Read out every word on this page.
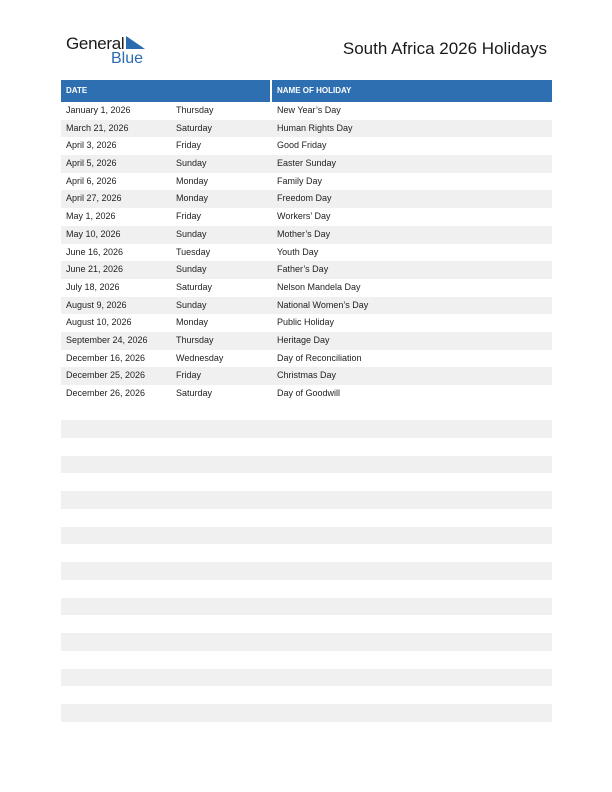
General
Blue
South Africa 2026 Holidays
DATE	NAME OF HOLIDAY
January 1, 2026	Thursday	New Year’s Day
March 21, 2026	Saturday	Human Rights Day
April 3, 2026	Friday	Good Friday
April 5, 2026	Sunday	Easter Sunday
April 6, 2026	Monday	Family Day
April 27, 2026	Monday	Freedom Day
May 1, 2026	Friday	Workers’ Day
May 10, 2026	Sunday	Mother’s Day
June 16, 2026	Tuesday	Youth Day
June 21, 2026	Sunday	Father’s Day
July 18, 2026	Saturday	Nelson Mandela Day
August 9, 2026	Sunday	National Women’s Day
August 10, 2026	Monday	Public Holiday
September 24, 2026	Thursday	Heritage Day
December 16, 2026	Wednesday	Day of Reconciliation
December 25, 2026	Friday	Christmas Day
December 26, 2026	Saturday	Day of Goodwill
